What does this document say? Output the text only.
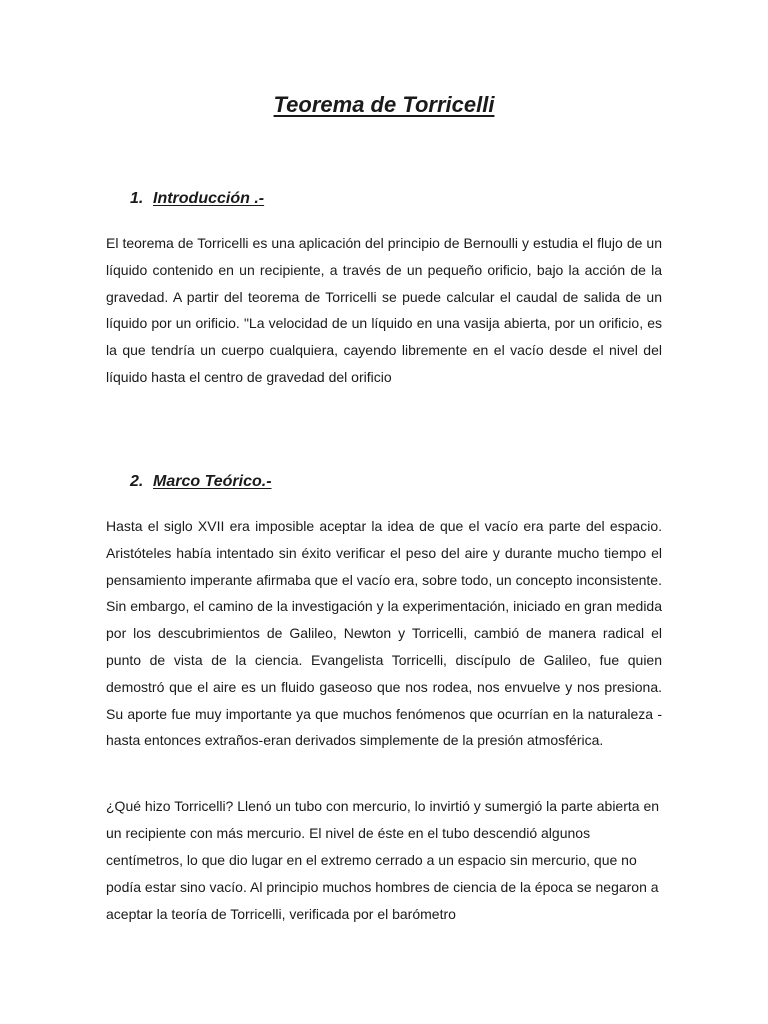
Teorema de Torricelli
1. Introducción .-

El teorema de Torricelli es una aplicación del principio de Bernoulli y estudia el flujo de un líquido contenido en un recipiente, a través de un pequeño orificio, bajo la acción de la gravedad. A partir del teorema de Torricelli se puede calcular el caudal de salida de un líquido por un orificio. "La velocidad de un líquido en una vasija abierta, por un orificio, es la que tendría un cuerpo cualquiera, cayendo libremente en el vacío desde el nivel del líquido hasta el centro de gravedad del orificio

2. Marco Teórico.-

Hasta el siglo XVII era imposible aceptar la idea de que el vacío era parte del espacio. Aristóteles había intentado sin éxito verificar el peso del aire y durante mucho tiempo el pensamiento imperante afirmaba que el vacío era, sobre todo, un concepto inconsistente. Sin embargo, el camino de la investigación y la experimentación, iniciado en gran medida por los descubrimientos de Galileo, Newton y Torricelli, cambió de manera radical el punto de vista de la ciencia. Evangelista Torricelli, discípulo de Galileo, fue quien demostró que el aire es un fluido gaseoso que nos rodea, nos envuelve y nos presiona. Su aporte fue muy importante ya que muchos fenómenos que ocurrían en la naturaleza -hasta entonces extraños-eran derivados simplemente de la presión atmosférica.

¿Qué hizo Torricelli? Llenó un tubo con mercurio, lo invirtió y sumergió la parte abierta en un recipiente con más mercurio. El nivel de éste en el tubo descendió algunos centímetros, lo que dio lugar en el extremo cerrado a un espacio sin mercurio, que no podía estar sino vacío. Al principio muchos hombres de ciencia de la época se negaron a aceptar la teoría de Torricelli, verificada por el barómetro
